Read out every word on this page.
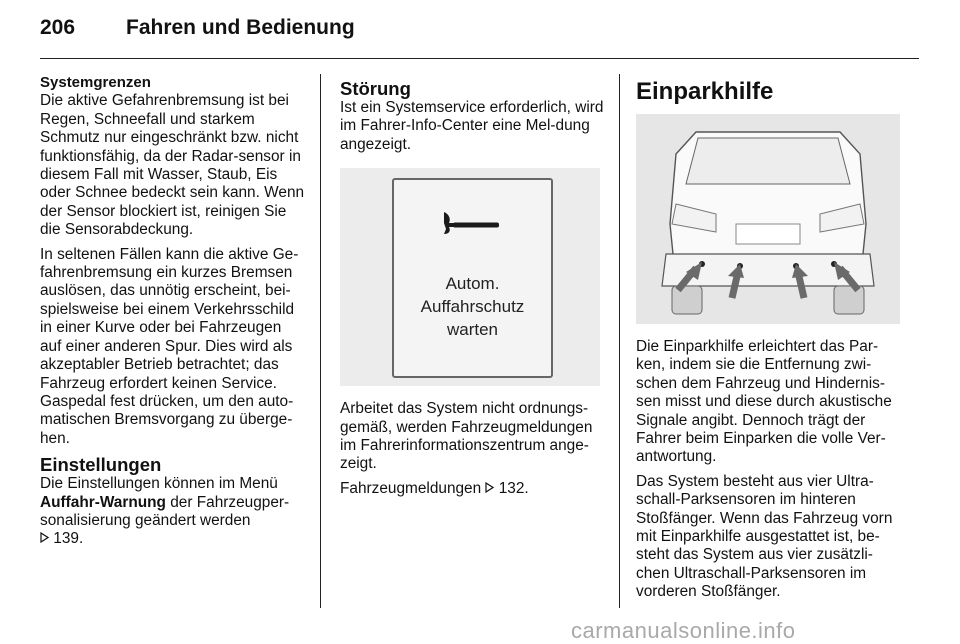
206 Fahren und Bedienung
Systemgrenzen

Die aktive Gefahrenbremsung ist bei Regen, Schneefall und starkem Schmutz nur eingeschränkt bzw. nicht funktionsfähig, da der Radar-sensor in diesem Fall mit Wasser, Staub, Eis oder Schnee bedeckt sein kann. Wenn der Sensor blockiert ist, reinigen Sie die Sensorabdeckung.

In seltenen Fällen kann die aktive Ge-fahrenbremsung ein kurzes Bremsen auslösen, das unnötig erscheint, bei-spielsweise bei einem Verkehrsschild in einer Kurve oder bei Fahrzeugen auf einer anderen Spur. Dies wird als akzeptabler Betrieb betrachtet; das Fahrzeug erfordert keinen Service. Gaspedal fest drücken, um den auto-matischen Bremsvorgang zu überge-hen.

Einstellungen

Die Einstellungen können im Menü Auffahr-Warnung der Fahrzeugper-sonalisierung geändert werden
139.

Störung

Ist ein Systemservice erforderlich, wird im Fahrer-Info-Center eine Mel-dung angezeigt.

Autom.
Auffahrschutz
warten

Arbeitet das System nicht ordnungs-gemäß, werden Fahrzeugmeldungen im Fahrerinformationszentrum ange-zeigt.

Fahrzeugmeldungen  132.

Einparkhilfe

Die Einparkhilfe erleichtert das Par-ken, indem sie die Entfernung zwi-schen dem Fahrzeug und Hindernis-sen misst und diese durch akustische Signale angibt. Dennoch trägt der Fahrer beim Einparken die volle Ver-antwortung.

Das System besteht aus vier Ultra-schall-Parksensoren im hinteren Stoßfänger. Wenn das Fahrzeug vorn mit Einparkhilfe ausgestattet ist, be-steht das System aus vier zusätzli-chen Ultraschall-Parksensoren im vorderen Stoßfänger.

carmanualsonline.info
